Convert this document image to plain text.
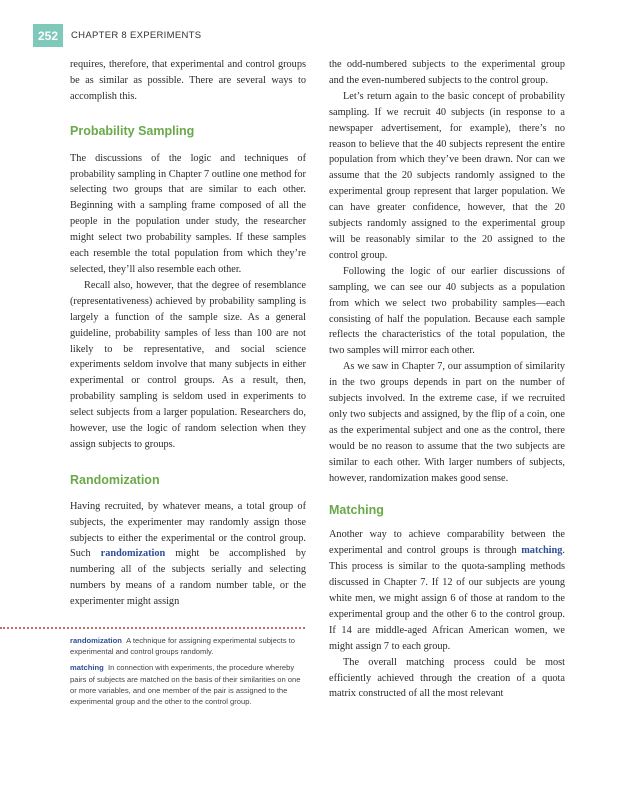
252	CHAPTER 8 EXPERIMENTS

requires, therefore, that experimental and control groups be as similar as possible. There are several ways to accomplish this.

Probability Sampling

The discussions of the logic and techniques of probability sampling in Chapter 7 outline one method for selecting two groups that are similar to each other. Beginning with a sampling frame composed of all the people in the population under study, the researcher might select two probability samples. If these samples each resemble the total population from which they’re selected, they’ll also resemble each other.

Recall also, however, that the degree of resemblance (representativeness) achieved by probability sampling is largely a function of the sample size. As a general guideline, probability samples of less than 100 are not likely to be representative, and social science experiments seldom involve that many subjects in either experimental or control groups. As a result, then, probability sampling is seldom used in experiments to select subjects from a larger population. Researchers do, however, use the logic of random selection when they assign subjects to groups.

Randomization

Having recruited, by whatever means, a total group of subjects, the experimenter may randomly assign those subjects to either the experimental or the control group. Such randomization might be accomplished by numbering all of the subjects serially and selecting numbers by means of a random number table, or the experimenter might assign

the odd-numbered subjects to the experimental group and the even-numbered subjects to the control group.

Let’s return again to the basic concept of probability sampling. If we recruit 40 subjects (in response to a newspaper advertisement, for example), there’s no reason to believe that the 40 subjects represent the entire population from which they’ve been drawn. Nor can we assume that the 20 subjects randomly assigned to the experimental group represent that larger population. We can have greater confidence, however, that the 20 subjects randomly assigned to the experimental group will be reasonably similar to the 20 assigned to the control group.

Following the logic of our earlier discussions of sampling, we can see our 40 subjects as a population from which we select two probability samples—each consisting of half the population. Because each sample reflects the characteristics of the total population, the two samples will mirror each other.

As we saw in Chapter 7, our assumption of similarity in the two groups depends in part on the number of subjects involved. In the extreme case, if we recruited only two subjects and assigned, by the flip of a coin, one as the experimental subject and one as the control, there would be no reason to assume that the two subjects are similar to each other. With larger numbers of subjects, however, randomization makes good sense.

Matching

Another way to achieve comparability between the experimental and control groups is through matching. This process is similar to the quota-sampling methods discussed in Chapter 7. If 12 of our subjects are young white men, we might assign 6 of those at random to the experimental group and the other 6 to the control group. If 14 are middle-aged African American women, we might assign 7 to each group.

The overall matching process could be most efficiently achieved through the creation of a quota matrix constructed of all the most relevant

randomization A technique for assigning experimental subjects to experimental and control groups randomly.

matching In connection with experiments, the procedure whereby pairs of subjects are matched on the basis of their similarities on one or more variables, and one member of the pair is assigned to the experimental group and the other to the control group.
